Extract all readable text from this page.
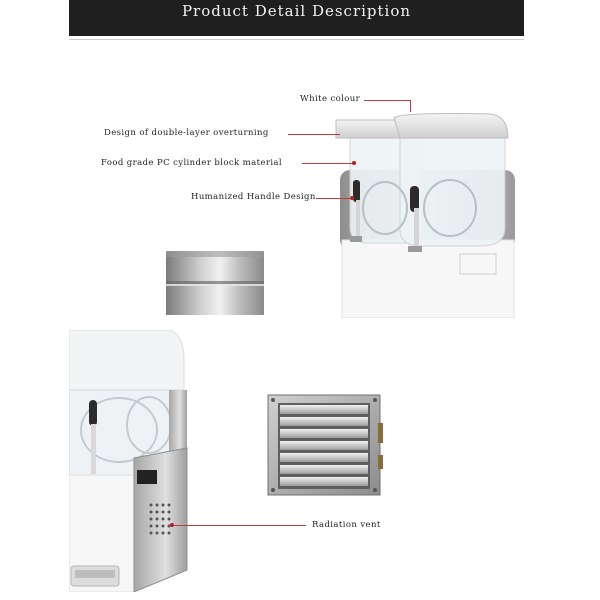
Product Detail Description
White colour
Design of double-layer overturning
Food grade PC cylinder block material
Humanized Handle Design
Radiation vent
